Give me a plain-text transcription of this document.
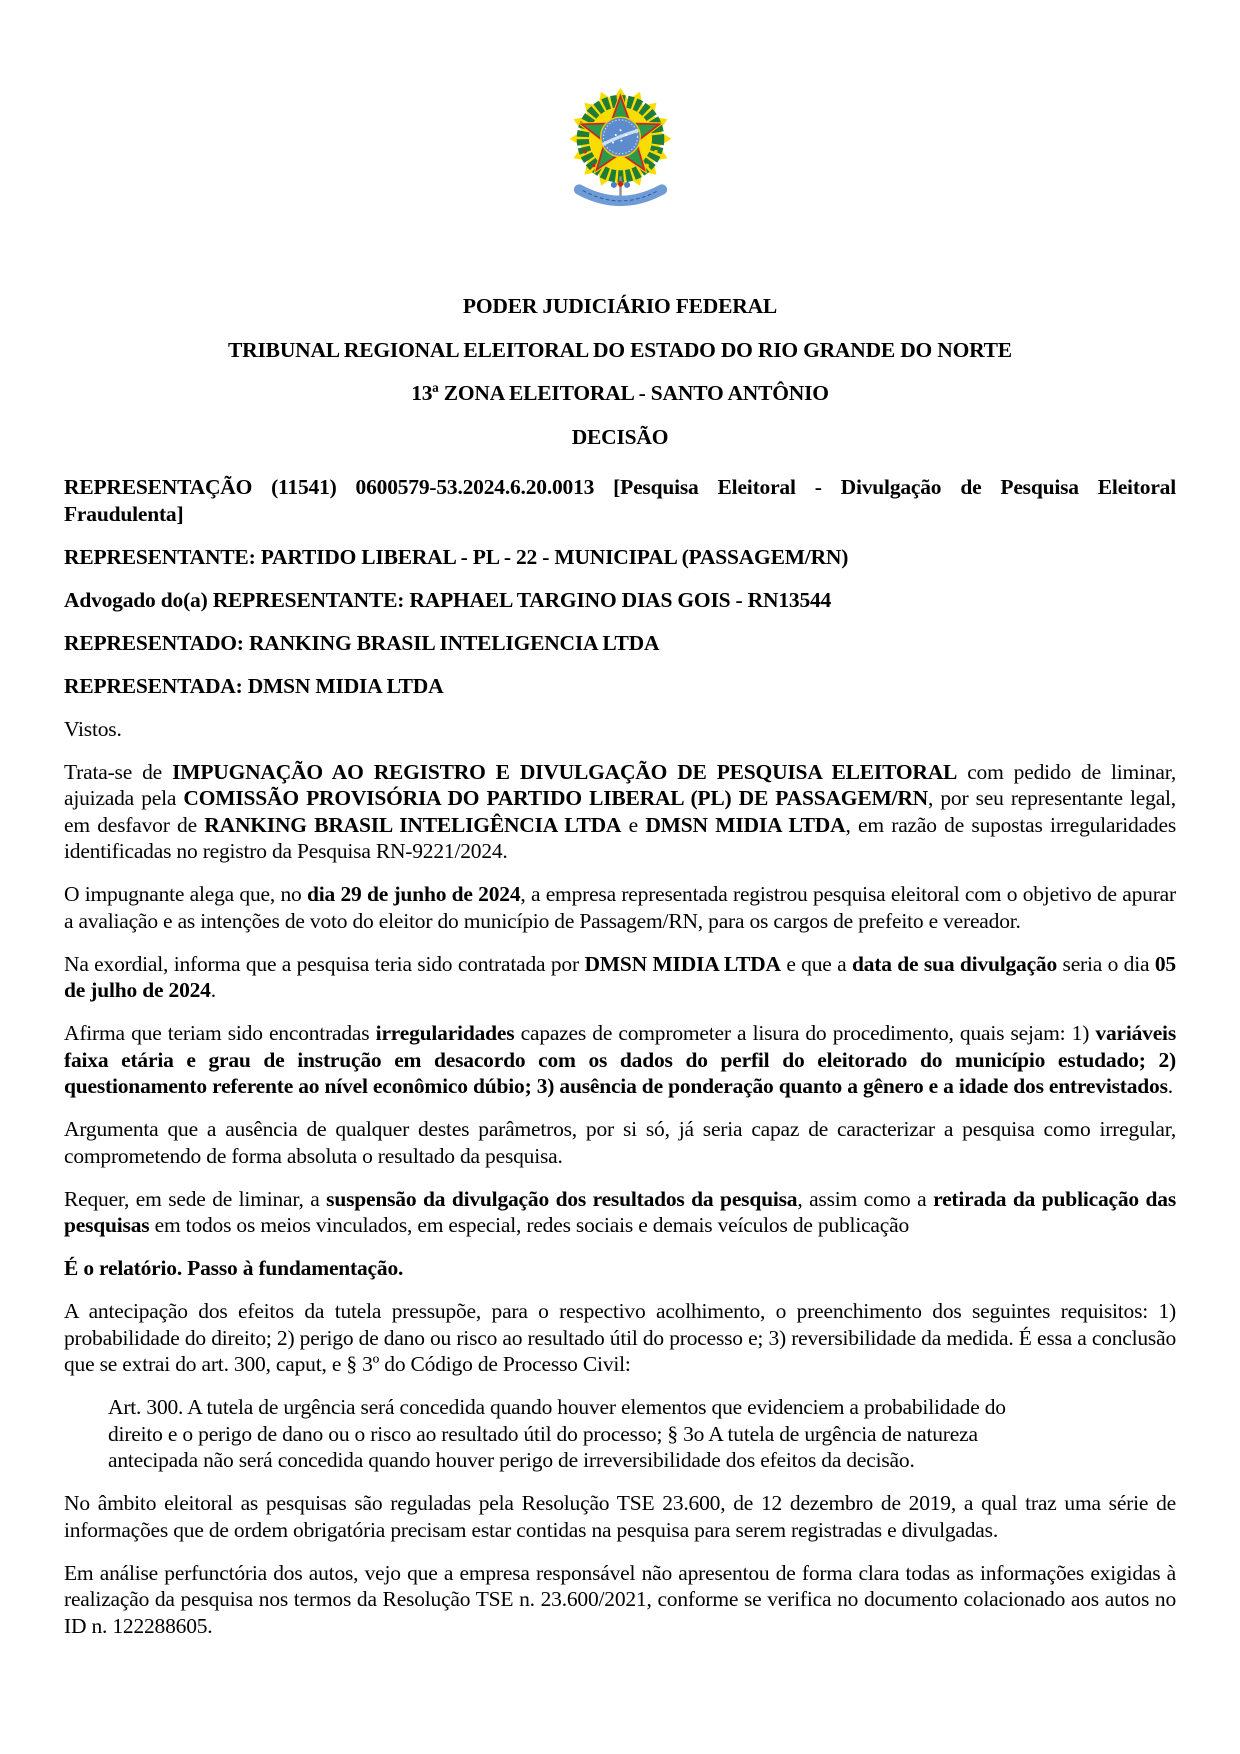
PODER JUDICIÁRIO FEDERAL

TRIBUNAL REGIONAL ELEITORAL DO ESTADO DO RIO GRANDE DO NORTE

13ª ZONA ELEITORAL - SANTO ANTÔNIO

DECISÃO

REPRESENTAÇÃO (11541) 0600579-53.2024.6.20.0013 [Pesquisa Eleitoral - Divulgação de Pesquisa Eleitoral Fraudulenta]

REPRESENTANTE: PARTIDO LIBERAL - PL - 22 - MUNICIPAL (PASSAGEM/RN)

Advogado do(a) REPRESENTANTE: RAPHAEL TARGINO DIAS GOIS - RN13544

REPRESENTADO: RANKING BRASIL INTELIGENCIA LTDA

REPRESENTADA: DMSN MIDIA LTDA

Vistos.

Trata-se de IMPUGNAÇÃO AO REGISTRO E DIVULGAÇÃO DE PESQUISA ELEITORAL com pedido de liminar, ajuizada pela COMISSÃO PROVISÓRIA DO PARTIDO LIBERAL (PL) DE PASSAGEM/RN, por seu representante legal, em desfavor de RANKING BRASIL INTELIGÊNCIA LTDA e DMSN MIDIA LTDA, em razão de supostas irregularidades identificadas no registro da Pesquisa RN-9221/2024.

O impugnante alega que, no dia 29 de junho de 2024, a empresa representada registrou pesquisa eleitoral com o objetivo de apurar a avaliação e as intenções de voto do eleitor do município de Passagem/RN, para os cargos de prefeito e vereador.

Na exordial, informa que a pesquisa teria sido contratada por DMSN MIDIA LTDA e que a data de sua divulgação seria o dia 05 de julho de 2024.

Afirma que teriam sido encontradas irregularidades capazes de comprometer a lisura do procedimento, quais sejam: 1) variáveis faixa etária e grau de instrução em desacordo com os dados do perfil do eleitorado do município estudado; 2) questionamento referente ao nível econômico dúbio; 3) ausência de ponderação quanto a gênero e a idade dos entrevistados.

Argumenta que a ausência de qualquer destes parâmetros, por si só, já seria capaz de caracterizar a pesquisa como irregular, comprometendo de forma absoluta o resultado da pesquisa.

Requer, em sede de liminar, a suspensão da divulgação dos resultados da pesquisa, assim como a retirada da publicação das pesquisas em todos os meios vinculados, em especial, redes sociais e demais veículos de publicação

É o relatório. Passo à fundamentação.

A antecipação dos efeitos da tutela pressupõe, para o respectivo acolhimento, o preenchimento dos seguintes requisitos: 1) probabilidade do direito; 2) perigo de dano ou risco ao resultado útil do processo e; 3) reversibilidade da medida. É essa a conclusão que se extrai do art. 300, caput, e § 3º do Código de Processo Civil:

Art. 300. A tutela de urgência será concedida quando houver elementos que evidenciem a probabilidade do direito e o perigo de dano ou o risco ao resultado útil do processo; § 3o A tutela de urgência de natureza antecipada não será concedida quando houver perigo de irreversibilidade dos efeitos da decisão.

No âmbito eleitoral as pesquisas são reguladas pela Resolução TSE 23.600, de 12 dezembro de 2019, a qual traz uma série de informações que de ordem obrigatória precisam estar contidas na pesquisa para serem registradas e divulgadas.

Em análise perfunctória dos autos, vejo que a empresa responsável não apresentou de forma clara todas as informações exigidas à realização da pesquisa nos termos da Resolução TSE n. 23.600/2021, conforme se verifica no documento colacionado aos autos no ID n. 122288605.
